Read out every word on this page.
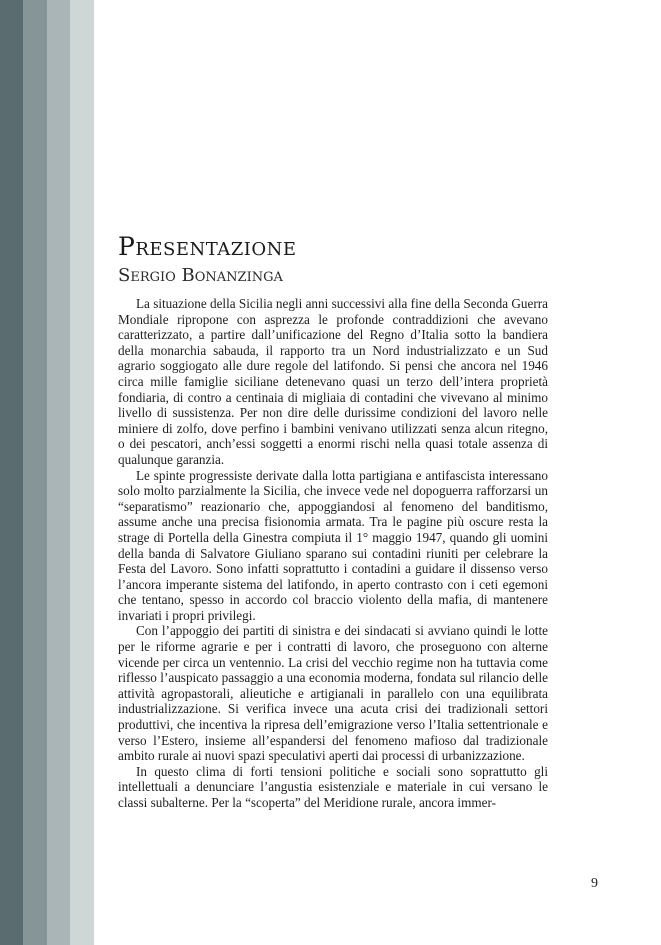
Presentazione
Sergio Bonanzinga

La situazione della Sicilia negli anni successivi alla fine della Seconda Guerra Mondiale ripropone con asprezza le profonde contraddizioni che avevano caratterizzato, a partire dall’unificazione del Regno d’Italia sotto la bandiera della monarchia sabauda, il rapporto tra un Nord industrializzato e un Sud agrario soggiogato alle dure regole del latifondo. Si pensi che ancora nel 1946 circa mille famiglie siciliane detenevano quasi un terzo dell’intera proprietà fondiaria, di contro a centinaia di migliaia di contadini che vivevano al minimo livello di sussistenza. Per non dire delle durissime condizioni del lavoro nelle miniere di zolfo, dove perfino i bambini venivano utilizzati senza alcun ritegno, o dei pescatori, anch’essi soggetti a enormi rischi nella quasi totale assenza di qualunque garanzia.

Le spinte progressiste derivate dalla lotta partigiana e antifascista interessano solo molto parzialmente la Sicilia, che invece vede nel dopoguerra rafforzarsi un “separatismo” reazionario che, appoggiandosi al fenomeno del banditismo, assume anche una precisa fisionomia armata. Tra le pagine più oscure resta la strage di Portella della Ginestra compiuta il 1° maggio 1947, quando gli uomini della banda di Salvatore Giuliano sparano sui contadini riuniti per celebrare la Festa del Lavoro. Sono infatti soprattutto i contadini a guidare il dissenso verso l’ancora imperante sistema del latifondo, in aperto contrasto con i ceti egemoni che tentano, spesso in accordo col braccio violento della mafia, di mantenere invariati i propri privilegi.

Con l’appoggio dei partiti di sinistra e dei sindacati si avviano quindi le lotte per le riforme agrarie e per i contratti di lavoro, che proseguono con alterne vicende per circa un ventennio. La crisi del vecchio regime non ha tuttavia come riflesso l’auspicato passaggio a una economia moderna, fondata sul rilancio delle attività agropastorali, alieutiche e artigianali in parallelo con una equilibrata industrializzazione. Si verifica invece una acuta crisi dei tradizionali settori produttivi, che incentiva la ripresa dell’emigrazione verso l’Italia settentrionale e verso l’Estero, insieme all’espandersi del fenomeno mafioso dal tradizionale ambito rurale ai nuovi spazi speculativi aperti dai processi di urbanizzazione.

In questo clima di forti tensioni politiche e sociali sono soprattutto gli intellettuali a denunciare l’angustia esistenziale e materiale in cui versano le classi subalterne. Per la “scoperta” del Meridione rurale, ancora immer-

9
